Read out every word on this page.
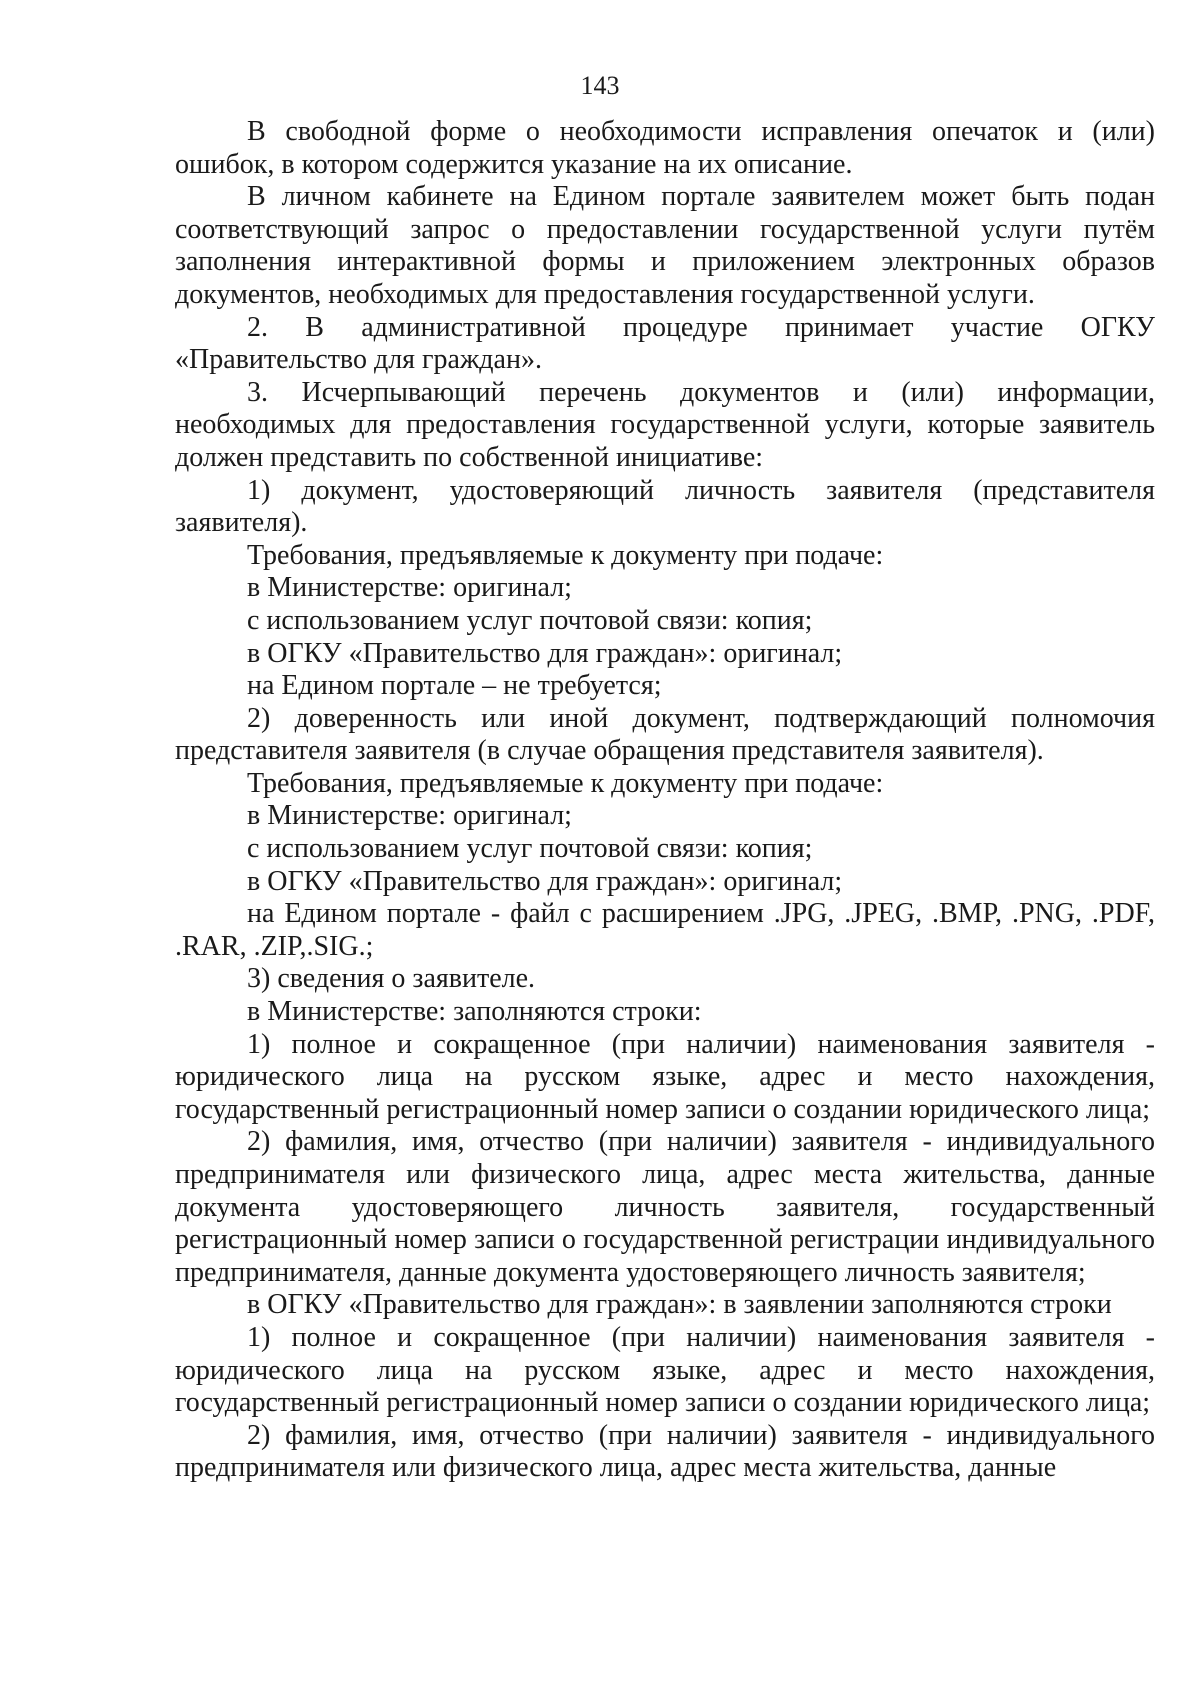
143

В свободной форме о необходимости исправления опечаток и (или) ошибок, в котором содержится указание на их описание.

В личном кабинете на Едином портале заявителем может быть подан соответствующий запрос о предоставлении государственной услуги путём заполнения интерактивной формы и приложением электронных образов документов, необходимых для предоставления государственной услуги.

2. В административной процедуре принимает участие ОГКУ «Правительство для граждан».

3. Исчерпывающий перечень документов и (или) информации, необходимых для предоставления государственной услуги, которые заявитель должен представить по собственной инициативе:

1) документ, удостоверяющий личность заявителя (представителя заявителя).

Требования, предъявляемые к документу при подаче:

в Министерстве: оригинал;

с использованием услуг почтовой связи: копия;

в ОГКУ «Правительство для граждан»: оригинал;

на Едином портале – не требуется;

2) доверенность или иной документ, подтверждающий полномочия представителя заявителя (в случае обращения представителя заявителя).

Требования, предъявляемые к документу при подаче:

в Министерстве: оригинал;

с использованием услуг почтовой связи: копия;

в ОГКУ «Правительство для граждан»: оригинал;

на Едином портале - файл с расширением .JPG, .JPEG, .BMP, .PNG, .PDF, .RAR, .ZIP,.SIG.;

3) сведения о заявителе.

в Министерстве: заполняются строки:

1) полное и сокращенное (при наличии) наименования заявителя - юридического лица на русском языке, адрес и место нахождения, государственный регистрационный номер записи о создании юридического лица;

2) фамилия, имя, отчество (при наличии) заявителя - индивидуального предпринимателя или физического лица, адрес места жительства, данные документа удостоверяющего личность заявителя, государственный регистрационный номер записи о государственной регистрации индивидуального предпринимателя, данные документа удостоверяющего личность заявителя;

в ОГКУ «Правительство для граждан»: в заявлении заполняются строки

1) полное и сокращенное (при наличии) наименования заявителя - юридического лица на русском языке, адрес и место нахождения, государственный регистрационный номер записи о создании юридического лица;

2) фамилия, имя, отчество (при наличии) заявителя - индивидуального предпринимателя или физического лица, адрес места жительства, данные
